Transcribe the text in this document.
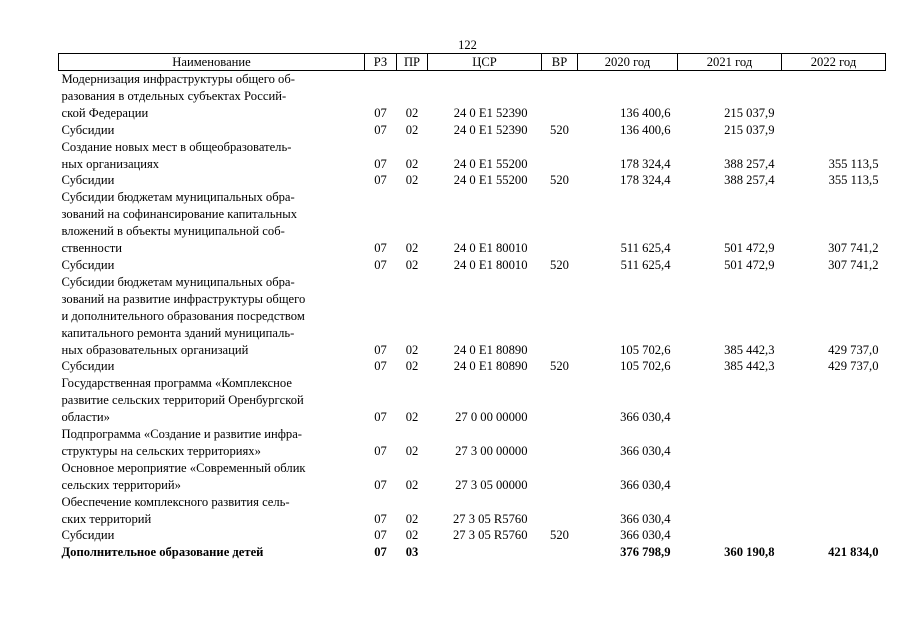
122
Наименование	РЗ	ПР	ЦСР	ВР	2020 год	2021 год	2022 год
Модернизация инфраструктуры общего об-							
разования в отдельных субъектах Россий-							
ской Федерации	07	02	24 0 E1 52390		136 400,6	215 037,9	
Субсидии	07	02	24 0 E1 52390	520	136 400,6	215 037,9	
Создание новых мест в общеобразователь-							
ных организациях	07	02	24 0 E1 55200		178 324,4	388 257,4	355 113,5
Субсидии	07	02	24 0 E1 55200	520	178 324,4	388 257,4	355 113,5
Субсидии бюджетам муниципальных обра-							
зований на софинансирование капитальных							
вложений в объекты муниципальной соб-							
ственности	07	02	24 0 E1 80010		511 625,4	501 472,9	307 741,2
Субсидии	07	02	24 0 E1 80010	520	511 625,4	501 472,9	307 741,2
Субсидии бюджетам муниципальных обра-							
зований на развитие инфраструктуры общего							
и дополнительного образования посредством							
капитального ремонта зданий муниципаль-							
ных образовательных организаций	07	02	24 0 E1 80890		105 702,6	385 442,3	429 737,0
Субсидии	07	02	24 0 E1 80890	520	105 702,6	385 442,3	429 737,0
Государственная программа «Комплексное							
развитие сельских территорий Оренбургской							
области»	07	02	27 0 00 00000		366 030,4		
Подпрограмма «Создание и развитие инфра-							
структуры на сельских территориях»	07	02	27 3 00 00000		366 030,4		
Основное мероприятие «Современный облик							
сельских территорий»	07	02	27 3 05 00000		366 030,4		
Обеспечение комплексного развития сель-							
ских территорий	07	02	27 3 05 R5760		366 030,4		
Субсидии	07	02	27 3 05 R5760	520	366 030,4		
Дополнительное образование детей	07	03			376 798,9	360 190,8	421 834,0
